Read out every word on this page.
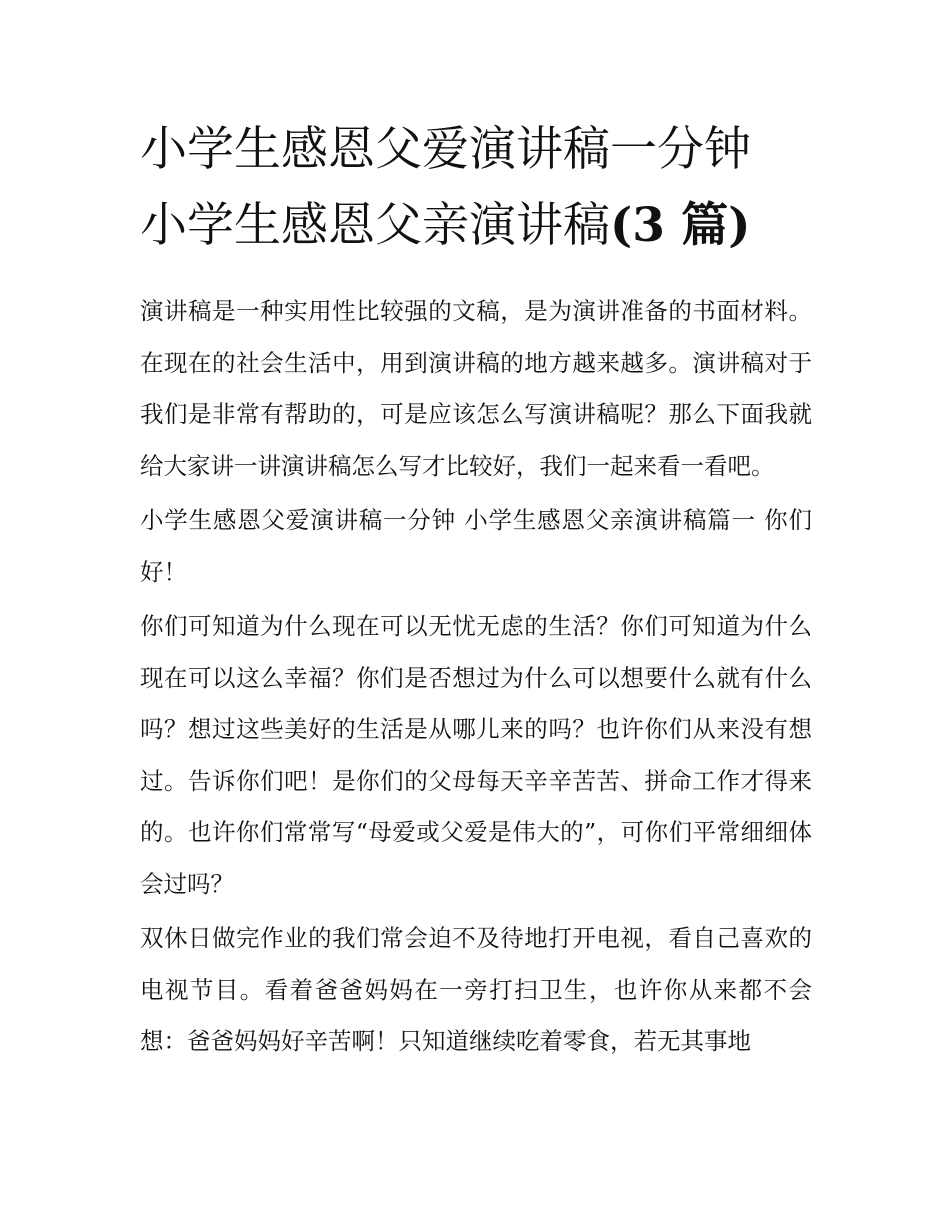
小学生感恩父爱演讲稿一分钟
小学生感恩父亲演讲稿(3 篇)

演讲稿是一种实用性比较强的文稿，是为演讲准备的书面材料。在现在的社会生活中，用到演讲稿的地方越来越多。演讲稿对于我们是非常有帮助的，可是应该怎么写演讲稿呢？那么下面我就给大家讲一讲演讲稿怎么写才比较好，我们一起来看一看吧。

小学生感恩父爱演讲稿一分钟 小学生感恩父亲演讲稿篇一 你们好！

你们可知道为什么现在可以无忧无虑的生活？你们可知道为什么现在可以这么幸福？你们是否想过为什么可以想要什么就有什么吗？想过这些美好的生活是从哪儿来的吗？也许你们从来没有想过。告诉你们吧！是你们的父母每天辛辛苦苦、拼命工作才得来的。也许你们常常写“母爱或父爱是伟大的”，可你们平常细细体会过吗？

双休日做完作业的我们常会迫不及待地打开电视，看自己喜欢的电视节目。看着爸爸妈妈在一旁打扫卫生，也许你从来都不会想：爸爸妈妈好辛苦啊！只知道继续吃着零食，若无其事地
